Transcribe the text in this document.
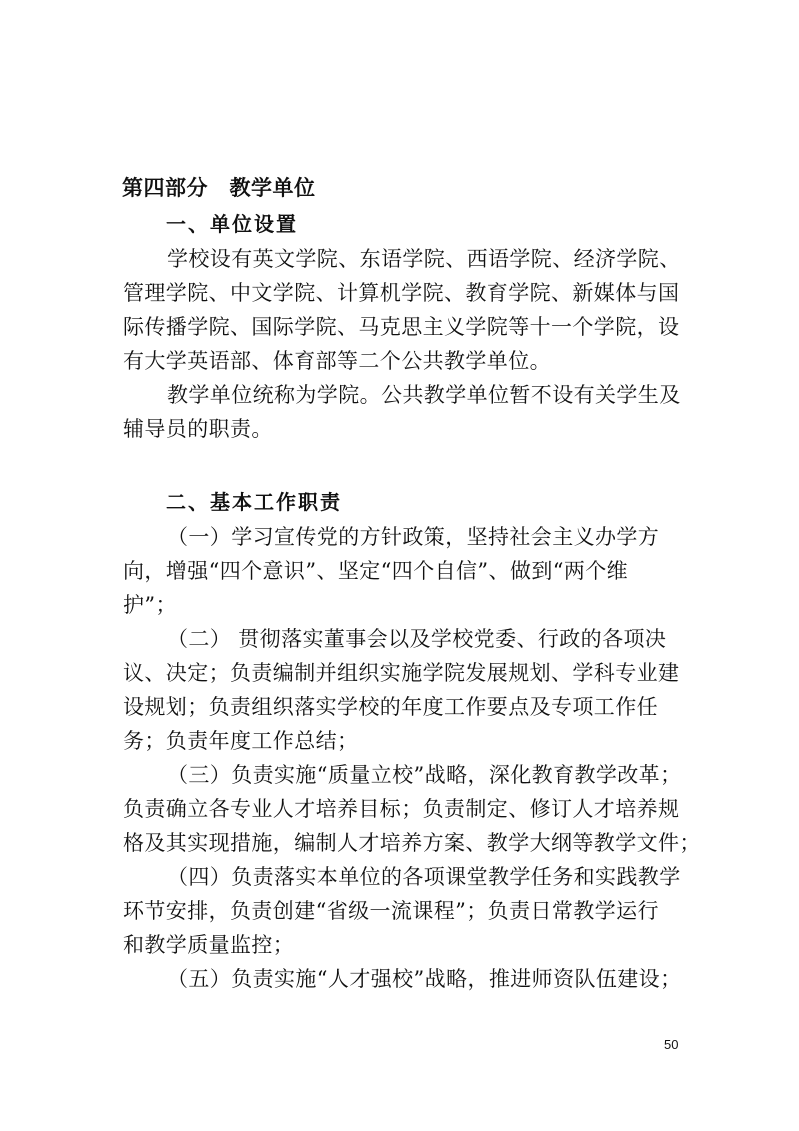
第四部分　教学单位
一、单位设置
学校设有英文学院、东语学院、西语学院、经济学院、
管理学院、中文学院、计算机学院、教育学院、新媒体与国
际传播学院、国际学院、马克思主义学院等十一个学院，设
有大学英语部、体育部等二个公共教学单位。
教学单位统称为学院。公共教学单位暂不设有关学生及
辅导员的职责。
二、基本工作职责
（一）学习宣传党的方针政策，坚持社会主义办学方
向，增强“四个意识”、坚定“四个自信”、做到“两个维
护”；
（二） 贯彻落实董事会以及学校党委、行政的各项决
议、决定；负责编制并组织实施学院发展规划、学科专业建
设规划；负责组织落实学校的年度工作要点及专项工作任
务；负责年度工作总结；
（三）负责实施“质量立校”战略，深化教育教学改革；
负责确立各专业人才培养目标；负责制定、修订人才培养规
格及其实现措施，编制人才培养方案、教学大纲等教学文件；
（四）负责落实本单位的各项课堂教学任务和实践教学
环节安排，负责创建“省级一流课程”；负责日常教学运行
和教学质量监控；
（五）负责实施“人才强校”战略，推进师资队伍建设；
50
